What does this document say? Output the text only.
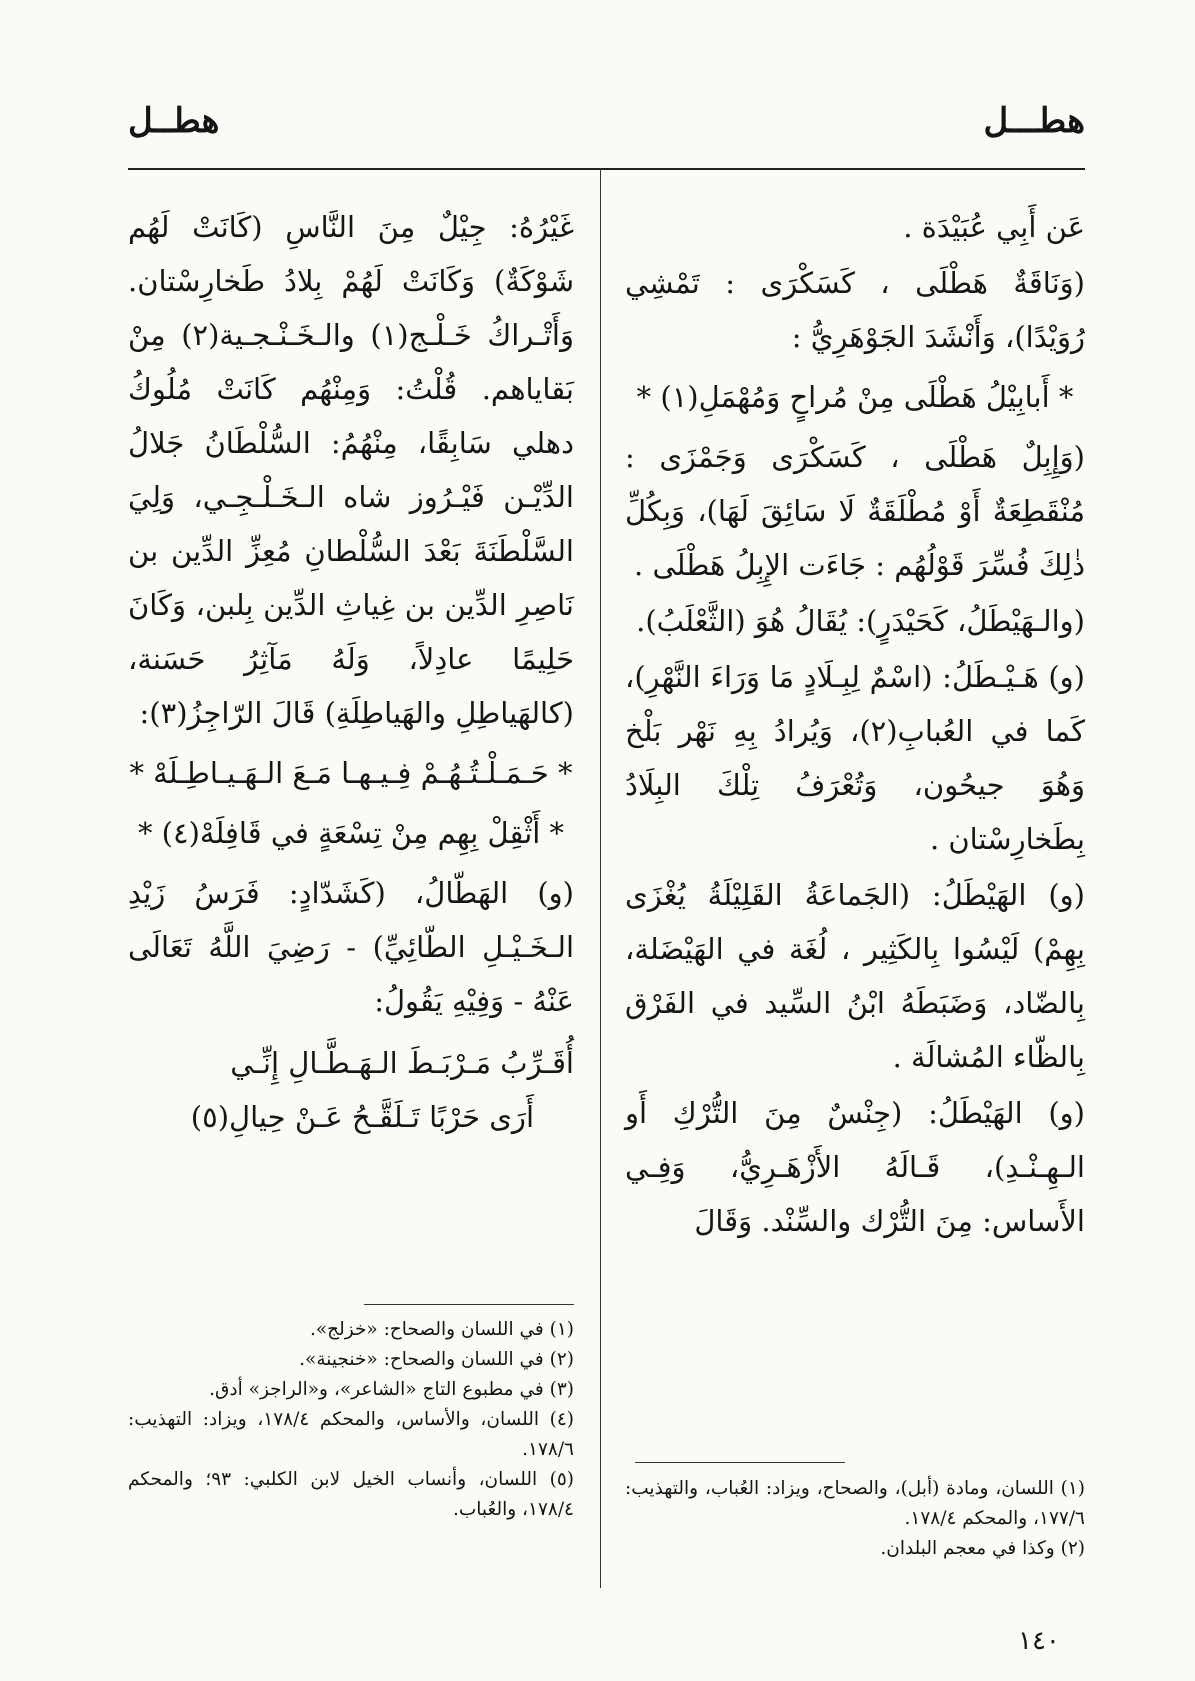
هطـــل
هطــل

عَن أَبِي عُبَيْدَة .

(وَنَاقَةٌ هَطْلَى ، كَسَكْرَى : تَمْشِي رُوَيْدًا)، وَأَنْشَدَ الجَوْهَرِيُّ :

* أَبابِيْلُ هَطْلَى مِنْ مُراحٍ وَمُهْمَلِ(١) *

(وَإِبِلٌ هَطْلَى ، كَسَكْرَى وَجَمْزَى : مُنْقَطِعَةٌ أَوْ مُطْلَقَةٌ لَا سَائِقَ لَهَا)، وَبِكُلِّ ذٰلِكَ فُسِّرَ قَوْلُهُم : جَاءَت الإِبِلُ هَطْلَى .

(والـهَيْطَلُ، كَحَيْدَرٍ): يُقَالُ هُوَ (الثَّعْلَبُ).

(و) هَـيْـطَلُ: (اسْمٌ لِبِـلَادٍ مَا وَرَاءَ النَّهْرِ)، كَما في العُبابِ(٢)، وَيُرادُ بِهِ نَهْر بَلْخ وَهُوَ جيحُون، وَتُعْرَفُ تِلْكَ البِلَادُ بِطَخارِسْتان .

(و) الهَيْطَلُ: (الجَماعَةُ القَلِيْلَةُ يُغْزَى بِهِمْ) لَيْسُوا بِالكَثِير ، لُغَة في الهَيْضَلة، بِالضّاد، وَضَبَطَهُ ابْنُ السِّيد في الفَرْق بِالظّاء المُشالَة .

(و) الهَيْطَلُ: (جِنْسٌ مِنَ التُّرْكِ أَو الـهِـنْـدِ)، قَـالَهُ الأَزْهَـرِيُّ، وَفِـي الأَساس: مِنَ التُّرْك والسِّنْد. وَقَالَ

غَيْرُهُ: جِيْلٌ مِنَ النَّاسِ (كَانَتْ لَهُم شَوْكَةٌ) وَكَانَتْ لَهُمْ بِلادُ طَخارِسْتان. وَأَتْـراكُ خَـلْـج(١) والـخَـنْـجـية(٢) مِنْ بَقاياهم. قُلْتُ: وَمِنْهُم كَانَتْ مُلُوكُ دهلي سَابِقًا، مِنْهُمُ: السُّلْطَانُ جَلالُ الدِّيْـن فَيْـرُوز شاه الـخَـلْـجِـي، وَلِيَ السَّلْطَنَةَ بَعْدَ السُّلْطانِ مُعِزِّ الدِّين بن نَاصِرِ الدِّين بن غِياثِ الدِّين بِلبن، وَكَانَ حَلِيمًا عادِلاً، وَلَهُ مَآثِرُ حَسَنة، (كالهَياطِلِ والهَياطِلَةِ) قَالَ الرّاجِزُ(٣):

* حَـمَـلْـتُـهُـمْ فِـيـهـا مَـعَ الـهَـيـاطِـلَهْ *

* أَثْقِلْ بِهِم مِنْ تِسْعَةٍ في قَافِلَهْ(٤) *

(و) الهَطّالُ، (كَشَدّادٍ: فَرَسُ زَيْدِ الـخَـيْـلِ الطّائِيِّ) - رَضِيَ اللَّهُ تَعَالَى عَنْهُ - وَفِيْهِ يَقُولُ:

أُقَـرِّبُ مَـرْبَـطَ الـهَـطَّـالِ إِنِّـي
أَرَى حَرْبًا تَـلَقَّـحُ عَـنْ حِيالِ(٥)

(١) في اللسان والصحاح: «خزلج».

(٢) في اللسان والصحاح: «خنجينة».

(٣) في مطبوع التاج «الشاعر»، و«الراجز» أدق.

(٤) اللسان، والأساس، والمحكم ١٧٨/٤، ويزاد: التهذيب: ١٧٨/٦.

(٥) اللسان، وأنساب الخيل لابن الكلبي: ٩٣؛ والمحكم ١٧٨/٤، والعُباب.

(١) اللسان، ومادة (أبل)، والصحاح، ويزاد: العُباب، والتهذيب: ١٧٧/٦، والمحكم ١٧٨/٤.

(٢) وكذا في معجم البلدان.

١٤٠
